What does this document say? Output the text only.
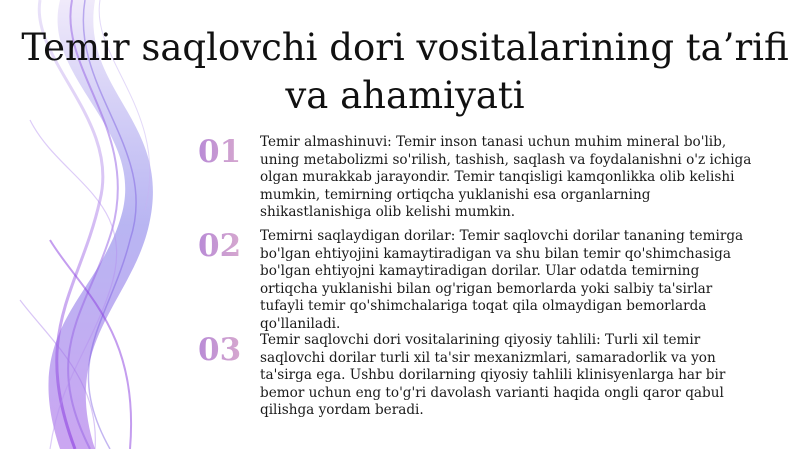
Temir saqlovchi dori vositalarining ta’rifi va ahamiyati
01	Temir almashinuvi: Temir inson tanasi uchun muhim mineral bo'lib, uning metabolizmi so'rilish, tashish, saqlash va foydalanishni o'z ichiga olgan murakkab jarayondir. Temir tanqisligi kamqonlikka olib kelishi mumkin, temirning ortiqcha yuklanishi esa organlarning shikastlanishiga olib kelishi mumkin.

02	Temirni saqlaydigan dorilar: Temir saqlovchi dorilar tananing temirga bo'lgan ehtiyojini kamaytiradigan va shu bilan temir qo'shimchasiga bo'lgan ehtiyojni kamaytiradigan dorilar. Ular odatda temirning ortiqcha yuklanishi bilan og'rigan bemorlarda yoki salbiy ta'sirlar tufayli temir qo'shimchalariga toqat qila olmaydigan bemorlarda qo'llaniladi.

03	Temir saqlovchi dori vositalarining qiyosiy tahlili: Turli xil temir saqlovchi dorilar turli xil ta'sir mexanizmlari, samaradorlik va yon ta'sirga ega. Ushbu dorilarning qiyosiy tahlili klinisyenlarga har bir bemor uchun eng to'g'ri davolash varianti haqida ongli qaror qabul qilishga yordam beradi.
